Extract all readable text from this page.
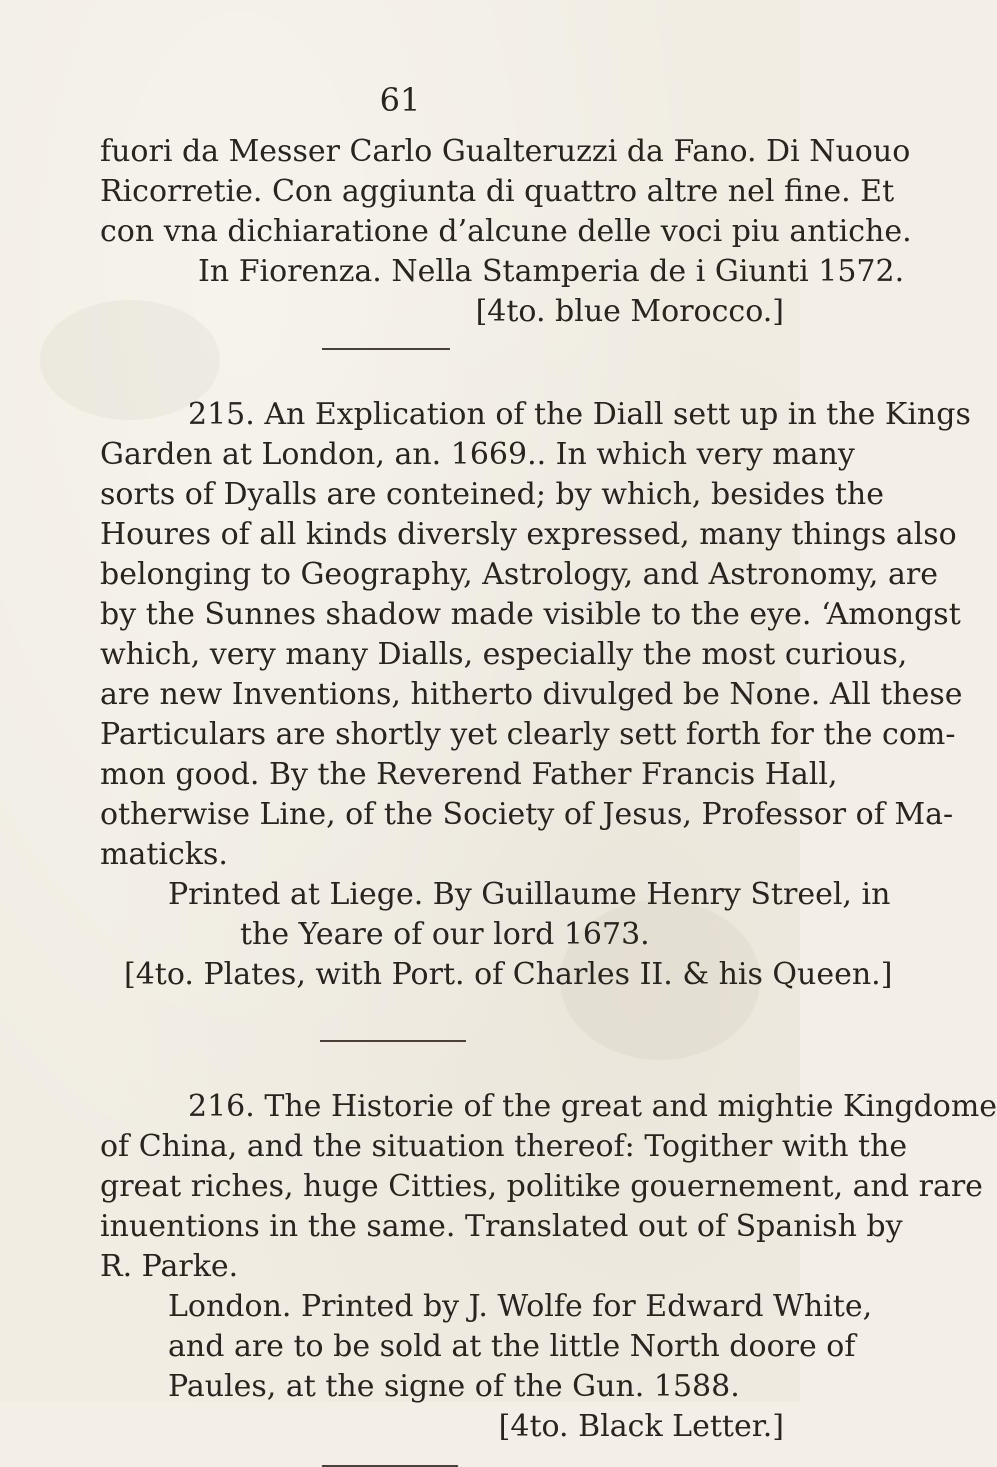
61
fuori da Messer Carlo Gualteruzzi da Fano. Di Nuouo
Ricorretie. Con aggiunta di quattro altre nel fine. Et
con vna dichiaratione d’alcune delle voci piu antiche.
In Fiorenza. Nella Stamperia de i Giunti 1572.
[4to. blue Morocco.]
215. An Explication of the Diall sett up in the Kings
Garden at London, an. 1669.. In which very many
sorts of Dyalls are conteined; by which, besides the
Houres of all kinds diversly expressed, many things also
belonging to Geography, Astrology, and Astronomy, are
by the Sunnes shadow made visible to the eye. ‘Amongst
which, very many Dialls, especially the most curious,
are new Inventions, hitherto divulged be None. All these
Particulars are shortly yet clearly sett forth for the com-
mon good. By the Reverend Father Francis Hall,
otherwise Line, of the Society of Jesus, Professor of Ma-
maticks.
Printed at Liege. By Guillaume Henry Streel, in
the Yeare of our lord 1673.
[4to. Plates, with Port. of Charles II. & his Queen.]
216. The Historie of the great and mightie Kingdome
of China, and the situation thereof: Togither with the
great riches, huge Citties, politike gouernement, and rare
inuentions in the same. Translated out of Spanish by
R. Parke.
London. Printed by J. Wolfe for Edward White,
and are to be sold at the little North doore of
Paules, at the signe of the Gun. 1588.
[4to. Black Letter.]
